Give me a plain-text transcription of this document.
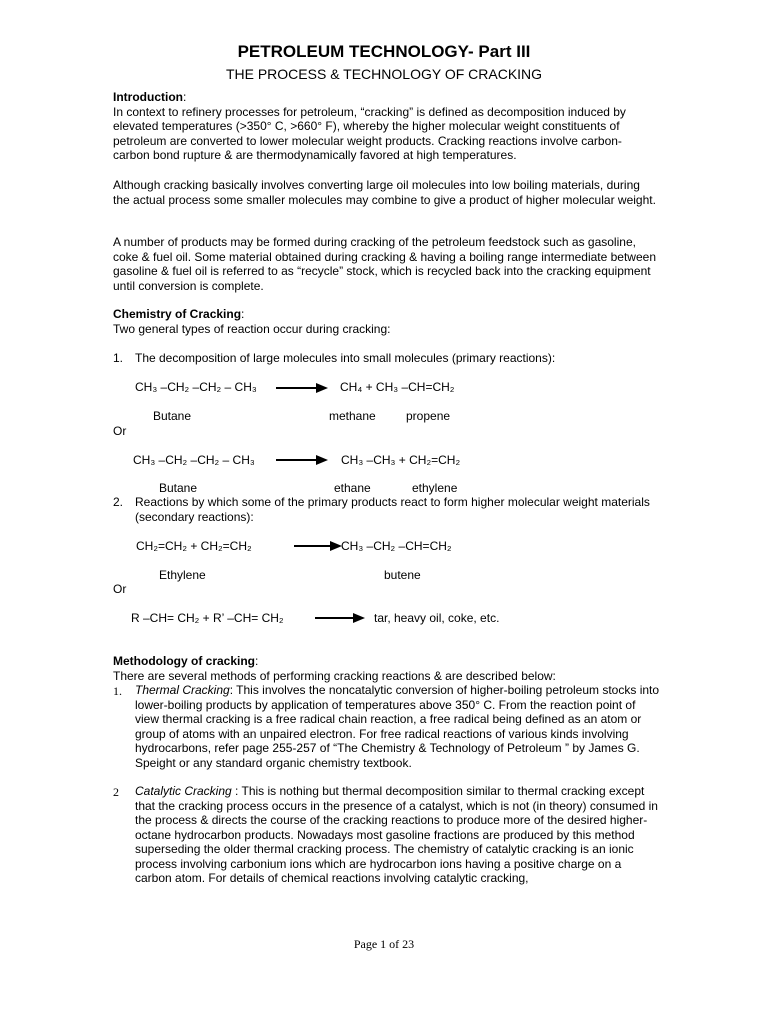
PETROLEUM TECHNOLOGY- Part III
THE PROCESS & TECHNOLOGY OF CRACKING
Introduction:
In context to refinery processes for petroleum, “cracking” is defined as decomposition induced by elevated temperatures (>350° C, >660° F), whereby the higher molecular weight constituents of petroleum are converted to lower molecular weight products. Cracking reactions involve carbon-carbon bond rupture & are thermodynamically favored at high temperatures.
Although cracking basically involves converting large oil molecules into low boiling materials, during the actual process some smaller molecules may combine to give a product of higher molecular weight.
A number of products may be formed during cracking of the petroleum feedstock such as gasoline, coke & fuel oil. Some material obtained during cracking & having a boiling range intermediate between gasoline & fuel oil is referred to as “recycle” stock, which is recycled back into the cracking equipment until conversion is complete.
Chemistry of Cracking:
Two general types of reaction occur during cracking:
1. The decomposition of large molecules into small molecules (primary reactions):
CH₃ –CH₂ –CH₂ – CH₃	CH₄ + CH₃ –CH=CH₂
Butane	methane	propene
Or
CH₃ –CH₂ –CH₂ – CH₃	CH₃ –CH₃ + CH₂=CH₂
Butane	ethane	ethylene
2. Reactions by which some of the primary products react to form higher molecular weight materials (secondary reactions):
CH₂=CH₂ + CH₂=CH₂	CH₃ –CH₂ –CH=CH₂
Ethylene	butene
Or
R –CH= CH₂ + R’ –CH= CH₂	tar, heavy oil, coke, etc.
Methodology of cracking:
There are several methods of performing cracking reactions & are described below:
1. Thermal Cracking: This involves the noncatalytic conversion of higher-boiling petroleum stocks into lower-boiling products by application of temperatures above 350° C. From the reaction point of view thermal cracking is a free radical chain reaction, a free radical being defined as an atom or group of atoms with an unpaired electron. For free radical reactions of various kinds involving hydrocarbons, refer page 255-257 of “The Chemistry & Technology of Petroleum ” by James G. Speight or any standard organic chemistry textbook.
2 Catalytic Cracking : This is nothing but thermal decomposition similar to thermal cracking except that the cracking process occurs in the presence of a catalyst, which is not (in theory) consumed in the process & directs the course of the cracking reactions to produce more of the desired higher-octane hydrocarbon products. Nowadays most gasoline fractions are produced by this method superseding the older thermal cracking process. The chemistry of catalytic cracking is an ionic process involving carbonium ions which are hydrocarbon ions having a positive charge on a carbon atom. For details of chemical reactions involving catalytic cracking,
Page 1 of 23
